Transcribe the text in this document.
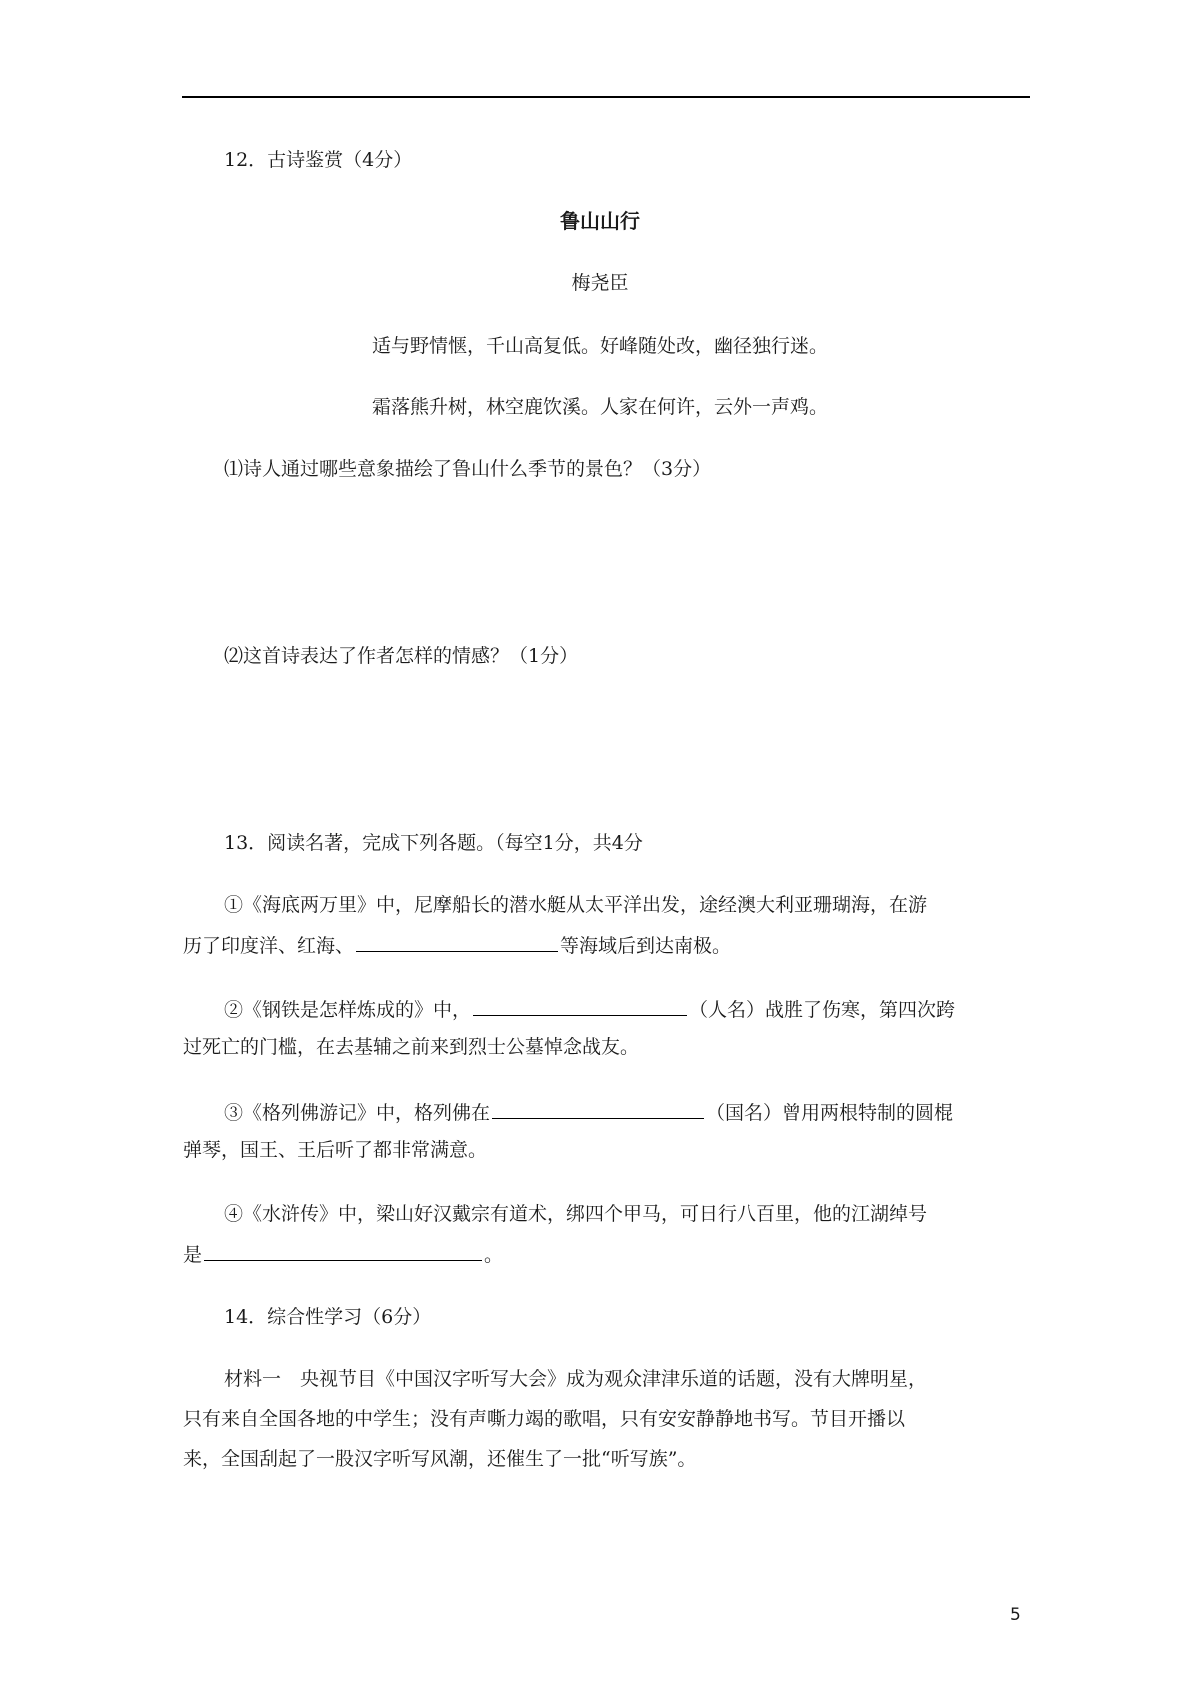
12．古诗鉴赏（4分）
鲁山山行
梅尧臣
适与野情惬，千山高复低。好峰随处改，幽径独行迷。
霜落熊升树，林空鹿饮溪。人家在何许，云外一声鸡。
⑴诗人通过哪些意象描绘了鲁山什么季节的景色？（3分）
⑵这首诗表达了作者怎样的情感？（1分）
13．阅读名著，完成下列各题。（每空1分，共4分
①《海底两万里》中，尼摩船长的潜水艇从太平洋出发，途经澳大利亚珊瑚海，在游
历了印度洋、红海、	等海域后到达南极。
②《钢铁是怎样炼成的》中，	（人名）战胜了伤寒，第四次跨
过死亡的门槛，在去基辅之前来到烈士公墓悼念战友。
③《格列佛游记》中，格列佛在	（国名）曾用两根特制的圆棍
弹琴，国王、王后听了都非常满意。
④《水浒传》中，梁山好汉戴宗有道术，绑四个甲马，可日行八百里，他的江湖绰号
是	。
14．综合性学习（6分）
材料一　央视节目《中国汉字听写大会》成为观众津津乐道的话题，没有大牌明星，
只有来自全国各地的中学生；没有声嘶力竭的歌唱，只有安安静静地书写。节目开播以
来，全国刮起了一股汉字听写风潮，还催生了一批“听写族”。
5
